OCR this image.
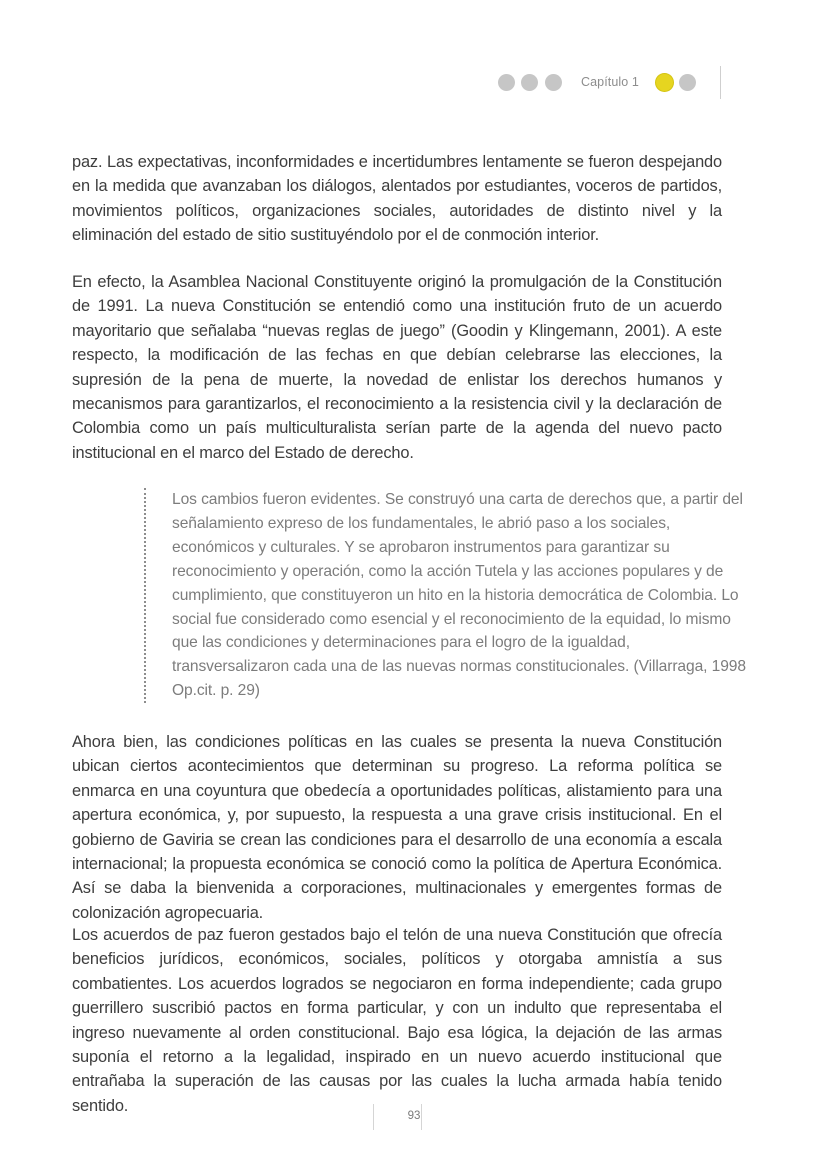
Capítulo 1

paz. Las expectativas, inconformidades e incertidumbres lentamente se fueron despejando en la medida que avanzaban los diálogos, alentados por estudiantes, voceros de partidos, movimientos políticos, organizaciones sociales, autoridades de distinto nivel y la eliminación del estado de sitio sustituyéndolo por el de conmoción interior.

En efecto, la Asamblea Nacional Constituyente originó la promulgación de la Constitución de 1991. La nueva Constitución se entendió como una institución fruto de un acuerdo mayoritario que señalaba “nuevas reglas de juego” (Goodin y Klingemann, 2001). A este respecto, la modificación de las fechas en que debían celebrarse las elecciones, la supresión de la pena de muerte, la novedad de enlistar los derechos humanos y mecanismos para garantizarlos, el reconocimiento a la resistencia civil y la declaración de Colombia como un país multiculturalista serían parte de la agenda del nuevo pacto institucional en el marco del Estado de derecho.

Los cambios fueron evidentes. Se construyó una carta de derechos que, a partir del señalamiento expreso de los fundamentales, le abrió paso a los sociales, económicos y culturales. Y se aprobaron instrumentos para garantizar su reconocimiento y operación, como la acción Tutela y las acciones populares y de cumplimiento, que constituyeron un hito en la historia democrática de Colombia. Lo social fue considerado como esencial y el reconocimiento de la equidad, lo mismo que las condiciones y determinaciones para el logro de la igualdad, transversalizaron cada una de las nuevas normas constitucionales. (Villarraga, 1998 Op.cit. p. 29)

Ahora bien, las condiciones políticas en las cuales se presenta la nueva Constitución ubican ciertos acontecimientos que determinan su progreso. La reforma política se enmarca en una coyuntura que obedecía a oportunidades políticas, alistamiento para una apertura económica, y, por supuesto, la respuesta a una grave crisis institucional. En el gobierno de Gaviria se crean las condiciones para el desarrollo de una economía a escala internacional; la propuesta económica se conoció como la política de Apertura Económica. Así se daba la bienvenida a corporaciones, multinacionales y emergentes formas de colonización agropecuaria.

Los acuerdos de paz fueron gestados bajo el telón de una nueva Constitución que ofrecía beneficios jurídicos, económicos, sociales, políticos y otorgaba amnistía a sus combatientes. Los acuerdos logrados se negociaron en forma independiente; cada grupo guerrillero suscribió pactos en forma particular, y con un indulto que representaba el ingreso nuevamente al orden constitucional. Bajo esa lógica, la dejación de las armas suponía el retorno a la legalidad, inspirado en un nuevo acuerdo institucional que entrañaba la superación de las causas por las cuales la lucha armada había tenido sentido.

93
